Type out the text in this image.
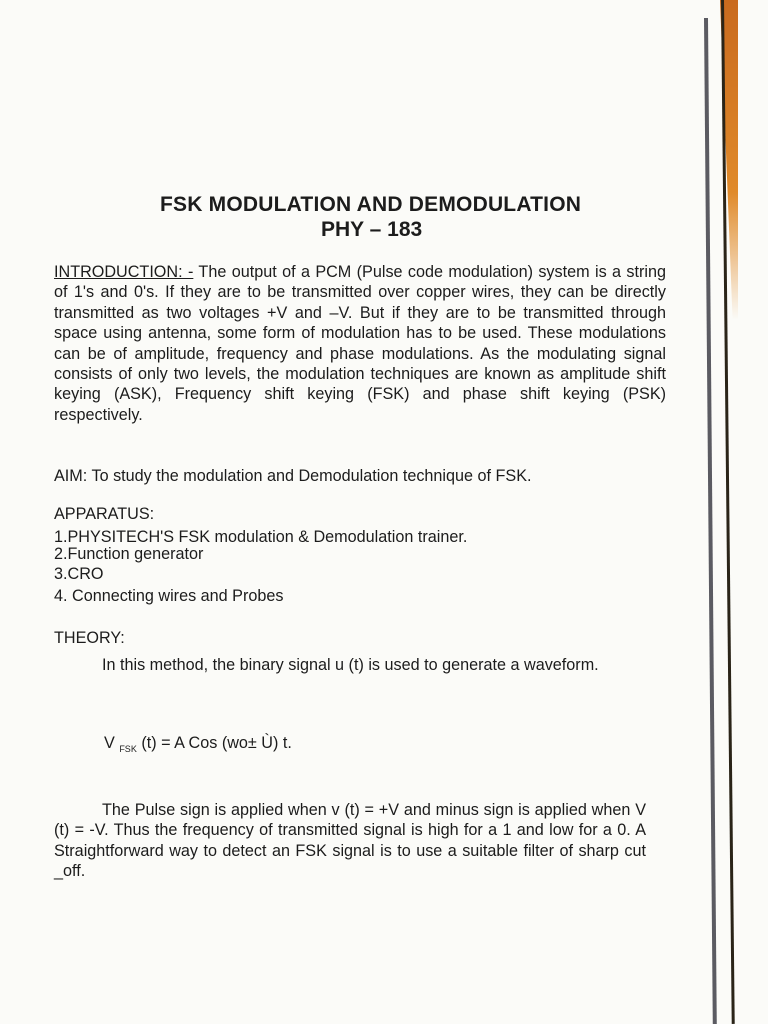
FSK MODULATION AND DEMODULATION
PHY – 183
INTRODUCTION: - The output of a PCM (Pulse code modulation) system is a string of 1's and 0's. If they are to be transmitted over copper wires, they can be directly transmitted as two voltages +V and –V. But if they are to be transmitted through space using antenna, some form of modulation has to be used. These modulations can be of amplitude, frequency and phase modulations. As the modulating signal consists of only two levels, the modulation techniques are known as amplitude shift keying (ASK), Frequency shift keying (FSK) and phase shift keying (PSK) respectively.
AIM: To study the modulation and Demodulation technique of FSK.
APPARATUS:
1.PHYSITECH'S FSK modulation & Demodulation trainer.
2.Function generator
3.CRO
4. Connecting wires and Probes
THEORY:
In this method, the binary signal u (t) is used to generate a waveform.
V $_{FSK}$ (t) = A Cos (wo± Ù) t.
The Pulse sign is applied when v (t) = +V and minus sign is applied when V (t) = -V. Thus the frequency of transmitted signal is high for a 1 and low for a 0. A Straightforward way to detect an FSK signal is to use a suitable filter of sharp cut _off.
